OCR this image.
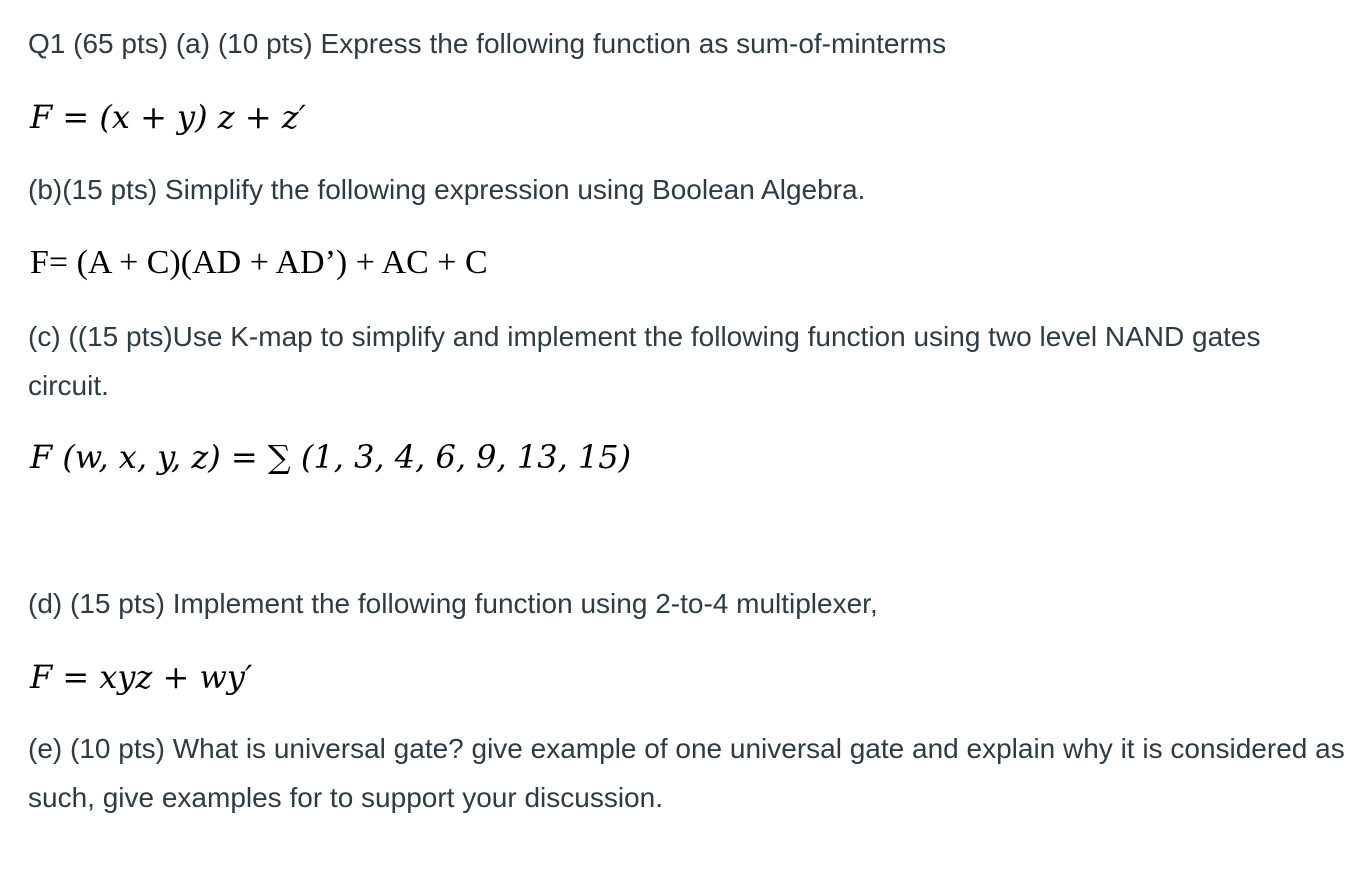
Q1 (65 pts) (a) (10 pts) Express the following function as sum-of-minterms
F = (x + y) z + z′
(b)(15 pts) Simplify the following expression using Boolean Algebra.
F= (A + C)(AD + AD’) + AC + C
(c) ((15 pts)Use K-map to simplify and implement the following function using two level NAND gates circuit.
F (w, x, y, z) = ∑ (1, 3, 4, 6, 9, 13, 15)
(d) (15 pts) Implement the following function using 2-to-4 multiplexer,
F = xyz + wy′
(e) (10 pts) What is universal gate? give example of one universal gate and explain why it is considered as such, give examples for to support your discussion.
